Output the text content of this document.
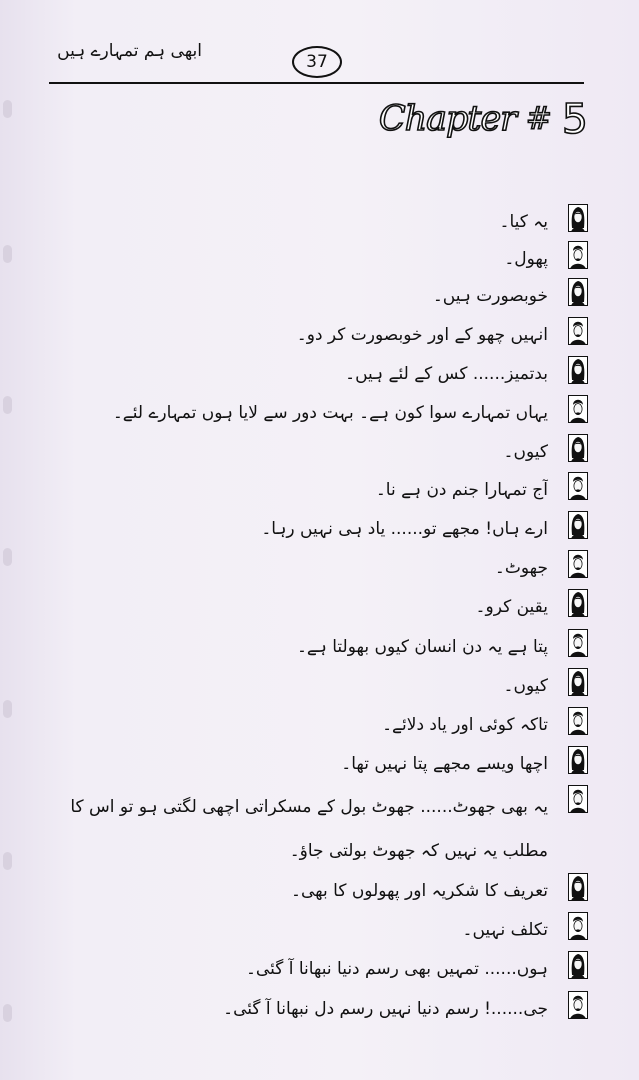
ابھی ہم تمہارے ہیں
37
Chapter # 5
یہ کیا۔
پھول۔
خوبصورت ہیں۔
انہیں چھو کے اور خوبصورت کر دو۔
بدتمیز...... کس کے لئے ہیں۔
یہاں تمہارے سوا کون ہے۔ بہت دور سے لایا ہوں تمہارے لئے۔
کیوں۔
آج تمہارا جنم دن ہے نا۔
ارے ہاں! مجھے تو...... یاد ہی نہیں رہا۔
جھوٹ۔
یقین کرو۔
پتا ہے یہ دن انسان کیوں بھولتا ہے۔
کیوں۔
تاکہ کوئی اور یاد دلائے۔
اچھا ویسے مجھے پتا نہیں تھا۔
یہ بھی جھوٹ...... جھوٹ بول کے مسکراتی اچھی لگتی ہو تو اس کا مطلب یہ نہیں کہ جھوٹ بولتی جاؤ۔
تعریف کا شکریہ اور پھولوں کا بھی۔
تکلف نہیں۔
ہوں...... تمہیں بھی رسم دنیا نبھانا آ گئی۔
جی......! رسم دنیا نہیں رسم دل نبھانا آ گئی۔
